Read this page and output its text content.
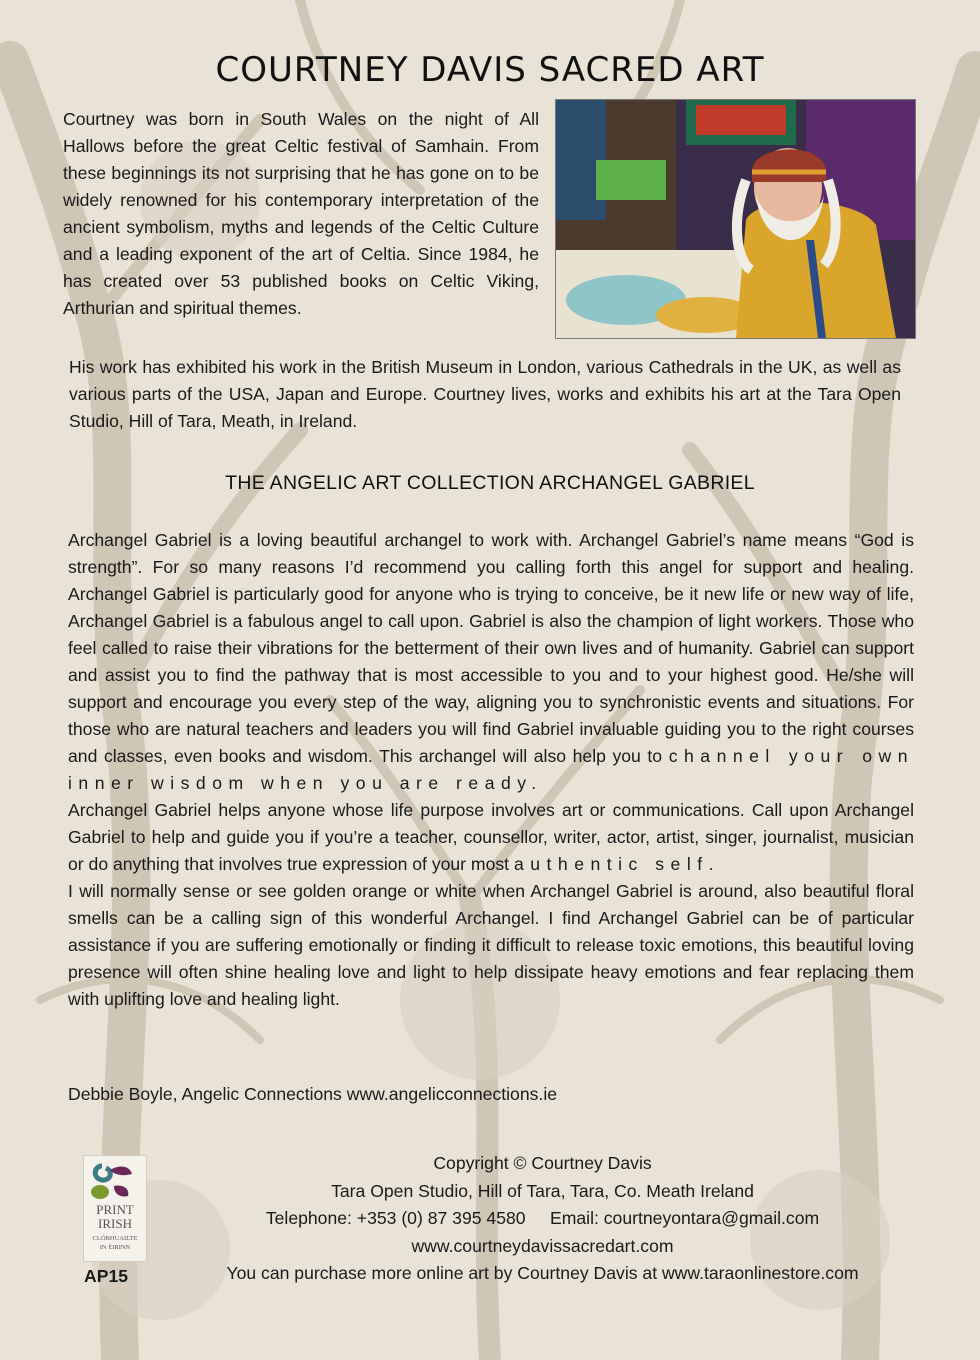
COURTNEY DAVIS SACRED ART
Courtney was born in South Wales on the night of All Hallows before the great Celtic festival of Samhain. From these beginnings its not surprising that he has gone on to be widely renowned for his contemporary interpretation of the ancient symbolism, myths and legends of the Celtic Culture and a leading exponent of the art of Celtia. Since 1984, he has created over 53 published books on Celtic Viking, Arthurian and spiritual themes.
His work has exhibited his work in the British Museum in London, various Cathedrals in the UK, as well as various parts of the USA, Japan and Europe. Courtney lives, works and exhibits his art at the Tara Open Studio, Hill of Tara, Meath, in Ireland.
THE ANGELIC ART COLLECTION ARCHANGEL GABRIEL

Archangel Gabriel is a loving beautiful archangel to work with. Archangel Gabriel’s name means “God is strength”. For so many reasons I’d recommend you calling forth this angel for support and healing. Archangel Gabriel is particularly good for anyone who is trying to conceive, be it new life or new way of life, Archangel Gabriel is a fabulous angel to call upon. Gabriel is also the champion of light workers. Those who feel called to raise their vibrations for the betterment of their own lives and of humanity. Gabriel can support and assist you to find the pathway that is most accessible to you and to your highest good. He/she will support and encourage you every step of the way, aligning you to synchronistic events and situations. For those who are natural teachers and leaders you will find Gabriel invaluable guiding you to the right courses and classes, even books and wisdom. This archangel will also help you to channel your own inner wisdom when you are ready.

Archangel Gabriel helps anyone whose life purpose involves art or communications. Call upon Archangel Gabriel to help and guide you if you’re a teacher, counsellor, writer, actor, artist, singer, journalist, musician or do anything that involves true expression of your most authentic self.

I will normally sense or see golden orange or white when Archangel Gabriel is around, also beautiful floral smells can be a calling sign of this wonderful Archangel. I find Archangel Gabriel can be of particular assistance if you are suffering emotionally or finding it difficult to release toxic emotions, this beautiful loving presence will often shine healing love and light to help dissipate heavy emotions and fear replacing them with uplifting love and healing light.

Debbie Boyle, Angelic Connections www.angelicconnections.ie
PRINT
IRISH
CLÓBHUAILTE
IN ÉIRINN
AP15
Copyright © Courtney Davis
Tara Open Studio, Hill of Tara, Tara, Co. Meath Ireland
Telephone: +353 (0) 87 395 4580     Email: courtneyontara@gmail.com
www.courtneydavissacredart.com
You can purchase more online art by Courtney Davis at www.taraonlinestore.com
